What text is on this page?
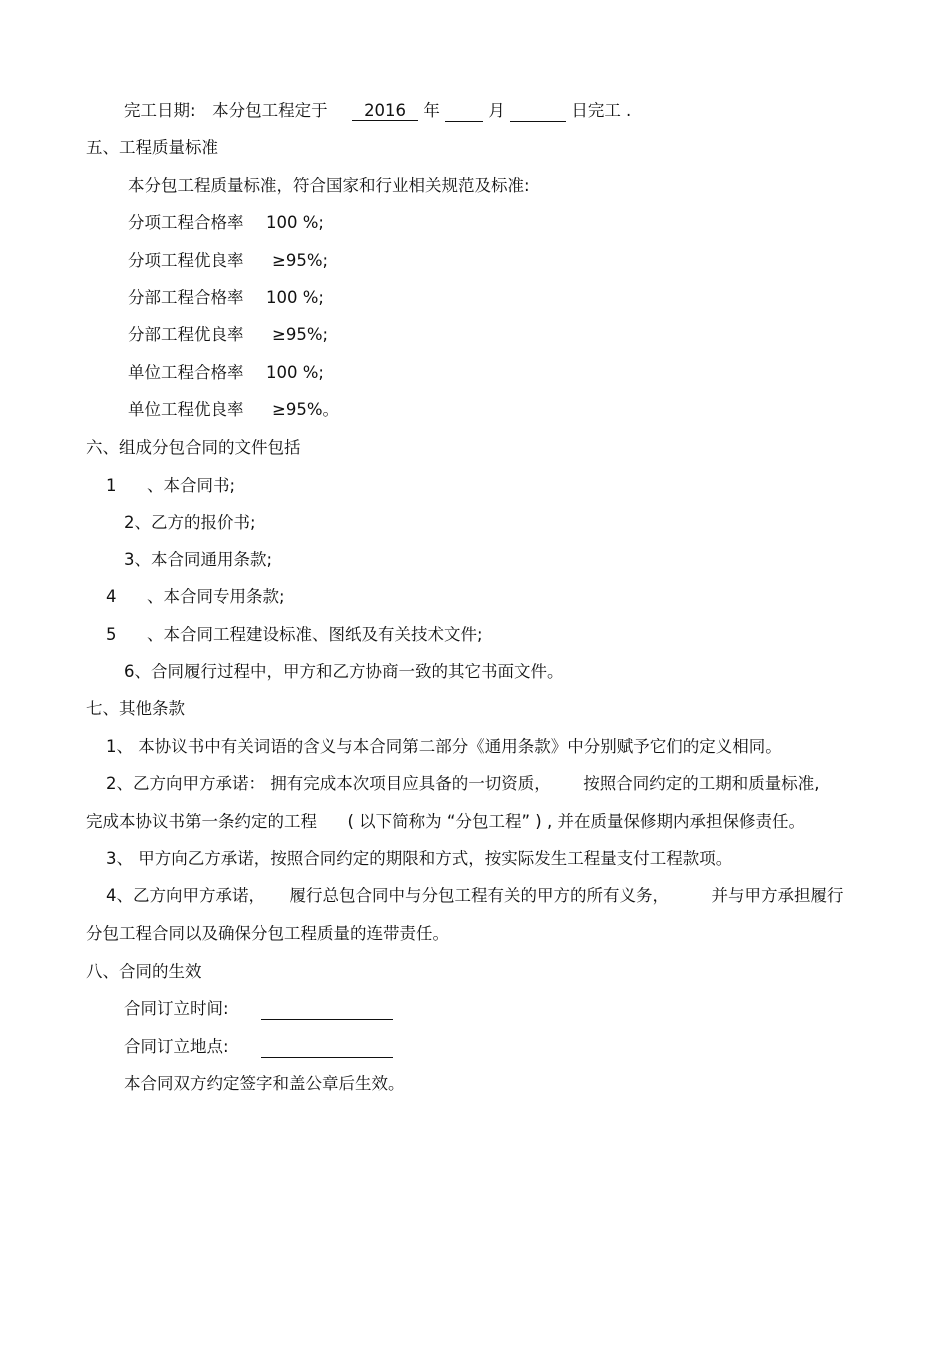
完工日期: 本分包工程定于 2016 年	月	日完工 .
五、工程质量标准
本分包工程质量标准，符合国家和行业相关规范及标准:
分项工程合格率 100 %;
分项工程优良率 ≥95%;
分部工程合格率 100 %;
分部工程优良率 ≥95%;
单位工程合格率 100 %;
单位工程优良率 ≥95%。
六、组成分包合同的文件包括
1 、本合同书;
2、乙方的报价书;
3、本合同通用条款;
4 、本合同专用条款;
5 、本合同工程建设标准、图纸及有关技术文件;
6、合同履行过程中，甲方和乙方协商一致的其它书面文件。
七、其他条款
1、 本协议书中有关词语的含义与本合同第二部分《通用条款》中分别赋予它们的定义相同。
2、乙方向甲方承诺： 拥有完成本次项目应具备的一切资质， 按照合同约定的工期和质量标准,
完成本协议书第一条约定的工程 ( 以下简称为 “分包工程” ) , 并在质量保修期内承担保修责任。
3、 甲方向乙方承诺，按照合同约定的期限和方式，按实际发生工程量支付工程款项。
4、乙方向甲方承诺， 履行总包合同中与分包工程有关的甲方的所有义务，	并与甲方承担履行
分包工程合同以及确保分包工程质量的连带责任。
八、合同的生效
合同订立时间:
合同订立地点:
本合同双方约定签字和盖公章后生效。
